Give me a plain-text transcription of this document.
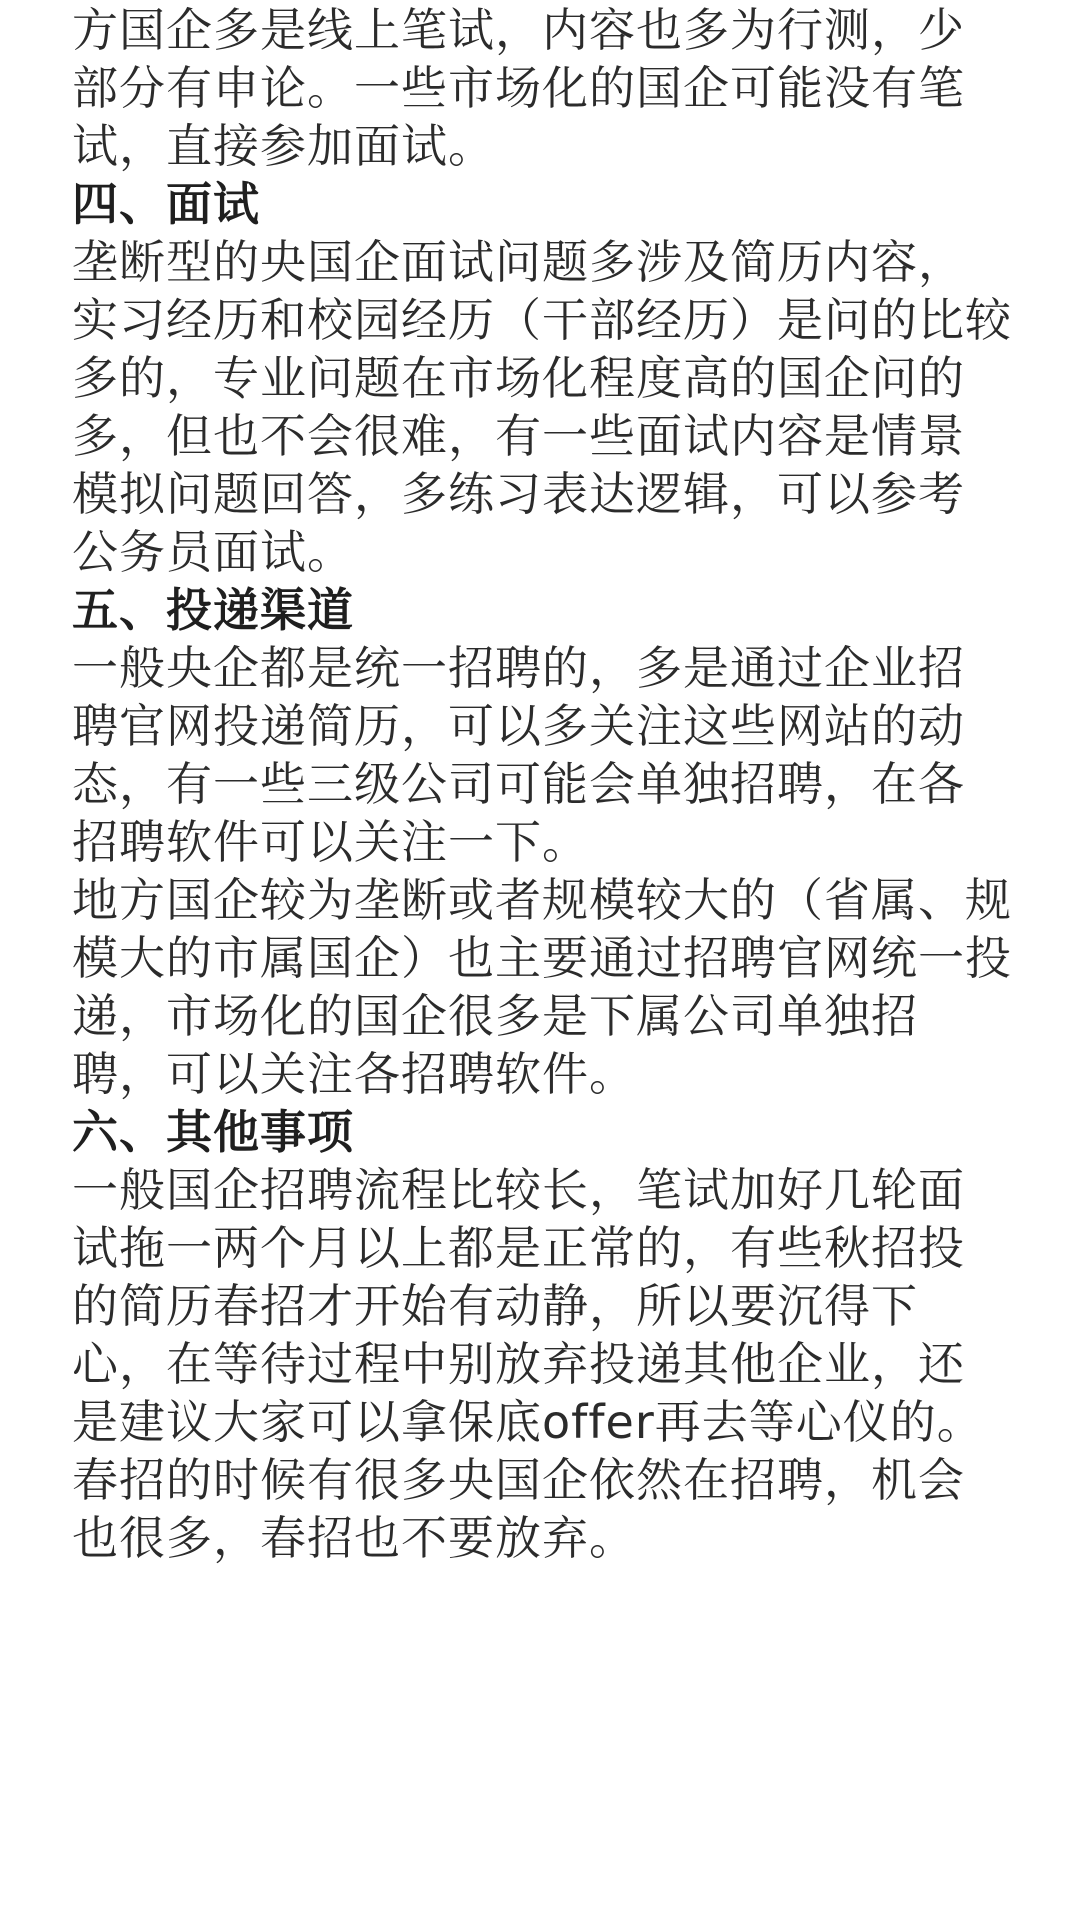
方国企多是线上笔试，内容也多为行测，少
部分有申论。一些市场化的国企可能没有笔
试，直接参加面试。
四、面试
垄断型的央国企面试问题多涉及简历内容，
实习经历和校园经历（干部经历）是问的比较
多的，专业问题在市场化程度高的国企问的
多，但也不会很难，有一些面试内容是情景
模拟问题回答，多练习表达逻辑，可以参考
公务员面试。
五、投递渠道
一般央企都是统一招聘的，多是通过企业招
聘官网投递简历，可以多关注这些网站的动
态，有一些三级公司可能会单独招聘，在各
招聘软件可以关注一下。
地方国企较为垄断或者规模较大的（省属、规
模大的市属国企）也主要通过招聘官网统一投
递，市场化的国企很多是下属公司单独招
聘，可以关注各招聘软件。
六、其他事项
一般国企招聘流程比较长，笔试加好几轮面
试拖一两个月以上都是正常的，有些秋招投
的简历春招才开始有动静，所以要沉得下
心，在等待过程中别放弃投递其他企业，还
是建议大家可以拿保底offer再去等心仪的。
春招的时候有很多央国企依然在招聘，机会
也很多，春招也不要放弃。
